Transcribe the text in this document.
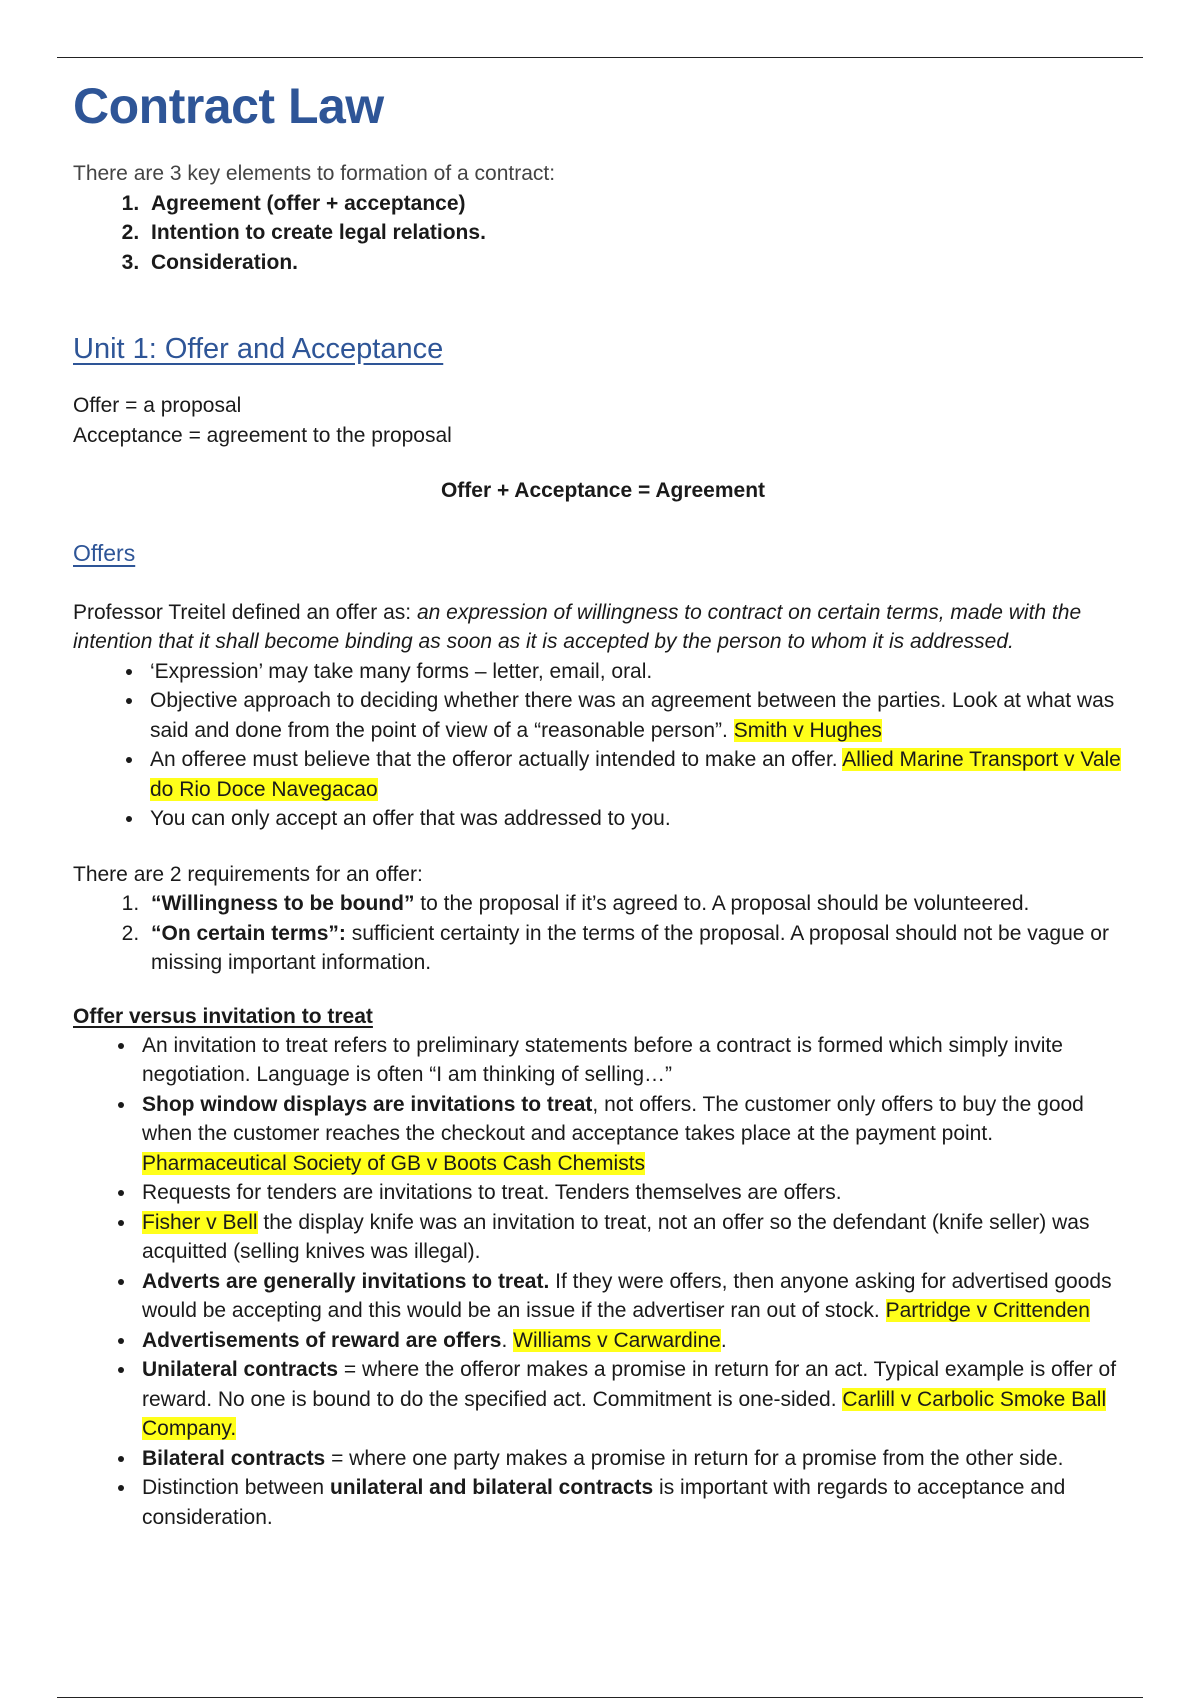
Contract Law

There are 3 key elements to formation of a contract:

1. Agreement (offer + acceptance)
2. Intention to create legal relations.
3. Consideration.
Unit 1: Offer and Acceptance

Offer = a proposal

Acceptance = agreement to the proposal

Offer + Acceptance = Agreement

Offers

Professor Treitel defined an offer as: an expression of willingness to contract on certain terms, made with the intention that it shall become binding as soon as it is accepted by the person to whom it is addressed.

• ‘Expression’ may take many forms – letter, email, oral.
• Objective approach to deciding whether there was an agreement between the parties. Look at what was said and done from the point of view of a “reasonable person”. Smith v Hughes
• An offeree must believe that the offeror actually intended to make an offer. Allied Marine Transport v Vale do Rio Doce Navegacao
• You can only accept an offer that was addressed to you.

There are 2 requirements for an offer:

1. “Willingness to be bound” to the proposal if it’s agreed to. A proposal should be volunteered.
2. “On certain terms”: sufficient certainty in the terms of the proposal. A proposal should not be vague or missing important information.
Offer versus invitation to treat
• An invitation to treat refers to preliminary statements before a contract is formed which simply invite negotiation. Language is often “I am thinking of selling…”
• Shop window displays are invitations to treat, not offers. The customer only offers to buy the good when the customer reaches the checkout and acceptance takes place at the payment point. Pharmaceutical Society of GB v Boots Cash Chemists
• Requests for tenders are invitations to treat. Tenders themselves are offers.
• Fisher v Bell the display knife was an invitation to treat, not an offer so the defendant (knife seller) was acquitted (selling knives was illegal).
• Adverts are generally invitations to treat. If they were offers, then anyone asking for advertised goods would be accepting and this would be an issue if the advertiser ran out of stock. Partridge v Crittenden
• Advertisements of reward are offers. Williams v Carwardine.
• Unilateral contracts = where the offeror makes a promise in return for an act. Typical example is offer of reward. No one is bound to do the specified act. Commitment is one-sided. Carlill v Carbolic Smoke Ball Company.
• Bilateral contracts = where one party makes a promise in return for a promise from the other side.
• Distinction between unilateral and bilateral contracts is important with regards to acceptance and consideration.
